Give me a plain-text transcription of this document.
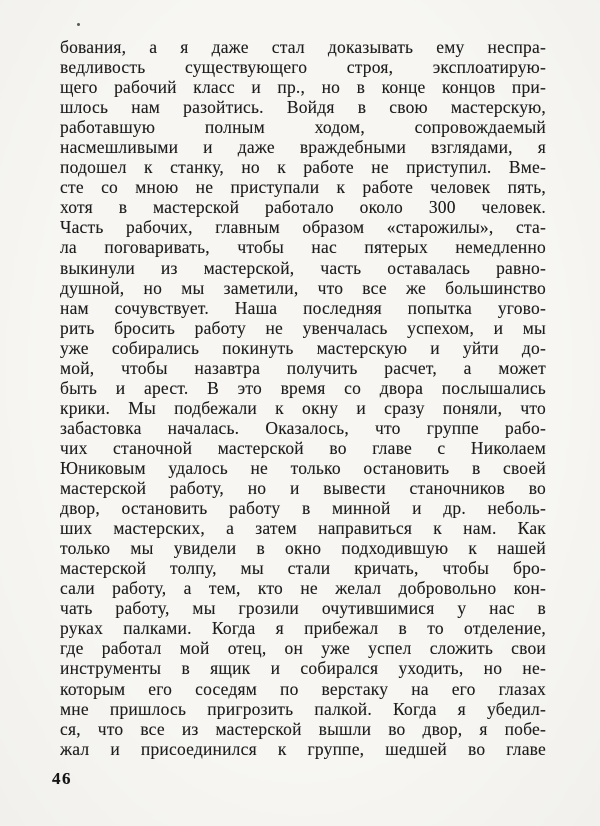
бования, а я даже стал доказывать ему неспра-
ведливость существующего строя, эксплоатирую-
щего рабочий класс и пр., но в конце концов при-
шлось нам разойтись. Войдя в свою мастерскую,
работавшую полным ходом, сопровождаемый
насмешливыми и даже враждебными взглядами, я
подошел к станку, но к работе не приступил. Вме-
сте со мною не приступали к работе человек пять,
хотя в мастерской работало около 300 человек.
Часть рабочих, главным образом «старожилы», ста-
ла поговаривать, чтобы нас пятерых немедленно
выкинули из мастерской, часть оставалась равно-
душной, но мы заметили, что все же большинство
нам сочувствует. Наша последняя попытка угово-
рить бросить работу не увенчалась успехом, и мы
уже собирались покинуть мастерскую и уйти до-
мой, чтобы назавтра получить расчет, а может
быть и арест. В это время со двора послышались
крики. Мы подбежали к окну и сразу поняли, что
забастовка началась. Оказалось, что группе рабо-
чих станочной мастерской во главе с Николаем
Юниковым удалось не только остановить в своей
мастерской работу, но и вывести станочников во
двор, остановить работу в минной и др. неболь-
ших мастерских, а затем направиться к нам. Как
только мы увидели в окно подходившую к нашей
мастерской толпу, мы стали кричать, чтобы бро-
сали работу, а тем, кто не желал добровольно кон-
чать работу, мы грозили очутившимися у нас в
руках палками. Когда я прибежал в то отделение,
где работал мой отец, он уже успел сложить свои
инструменты в ящик и собирался уходить, но не-
которым его соседям по верстаку на его глазах
мне пришлось пригрозить палкой. Когда я убедил-
ся, что все из мастерской вышли во двор, я побе-
жал и присоединился к группе, шедшей во главе
46
